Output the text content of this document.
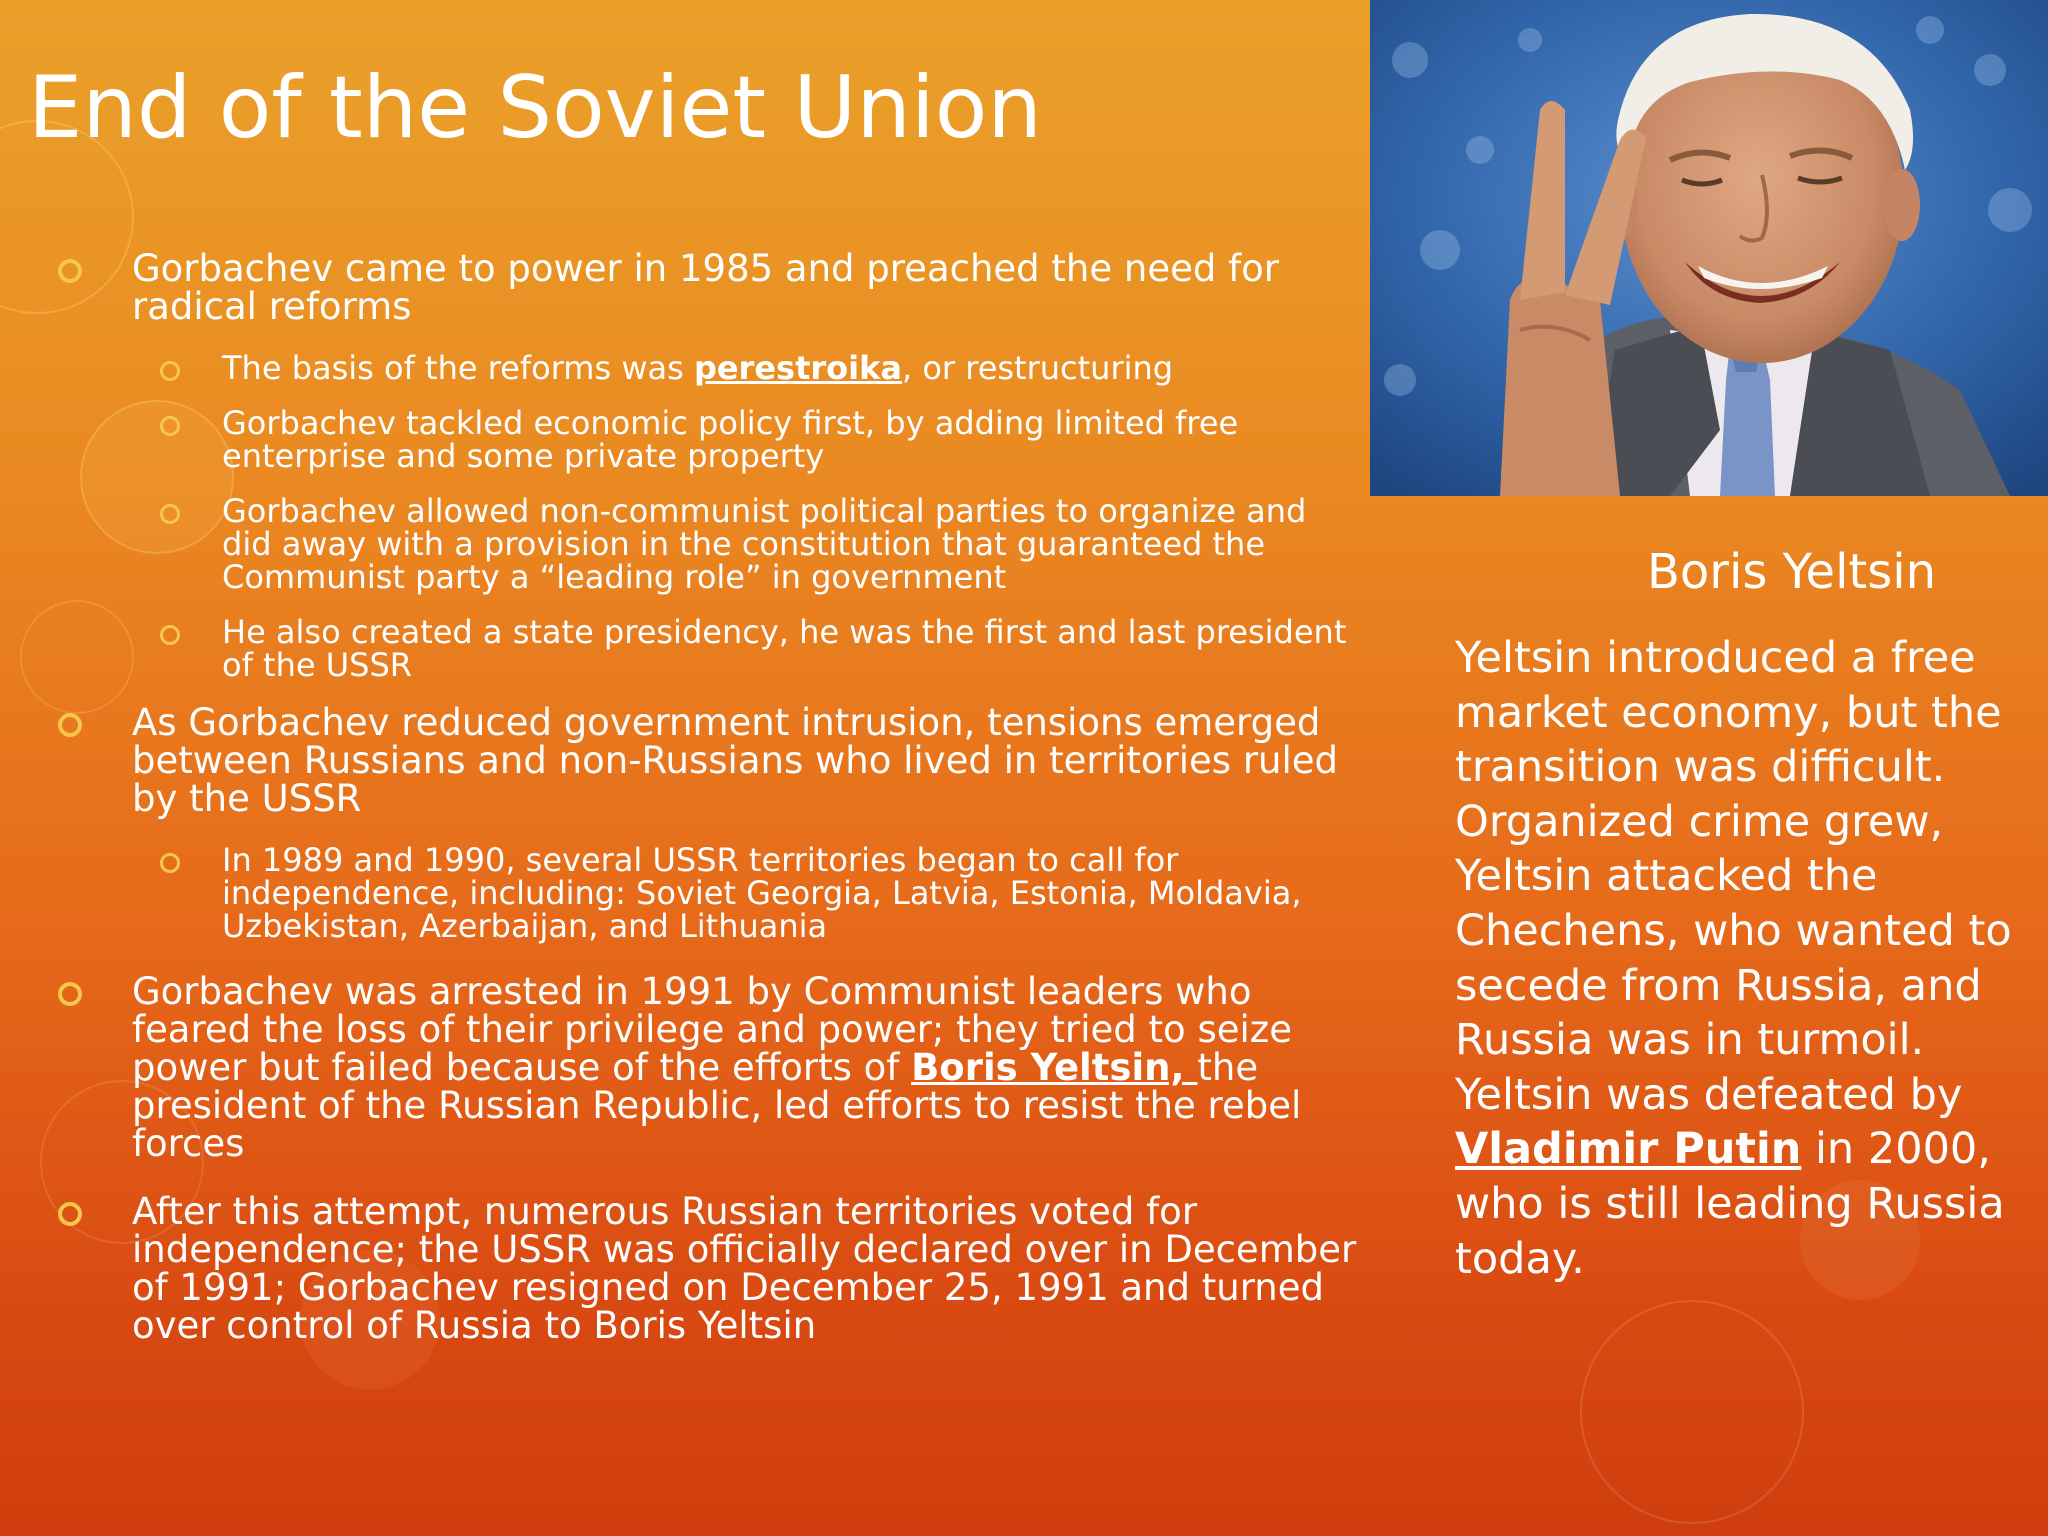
End of the Soviet Union
Gorbachev came to power in 1985 and preached the need for radical reforms
The basis of the reforms was perestroika, or restructuring
Gorbachev tackled economic policy first, by adding limited free enterprise and some private property
Gorbachev allowed non-communist political parties to organize and did away with a provision in the constitution that guaranteed the Communist party a “leading role” in government
He also created a state presidency, he was the first and last president of the USSR
As Gorbachev reduced government intrusion, tensions emerged between Russians and non-Russians who lived in territories ruled by the USSR
In 1989 and 1990, several USSR territories began to call for independence, including: Soviet Georgia, Latvia, Estonia, Moldavia, Uzbekistan, Azerbaijan, and Lithuania
Gorbachev was arrested in 1991 by Communist leaders who feared the loss of their privilege and power; they tried to seize power but failed because of the efforts of Boris Yeltsin, the president of the Russian Republic, led efforts to resist the rebel forces
After this attempt, numerous Russian territories voted for independence; the USSR was officially declared over in December of 1991; Gorbachev resigned on December 25, 1991 and turned over control of Russia to Boris Yeltsin
Boris Yeltsin

Yeltsin introduced a free market economy, but the transition was difficult. Organized crime grew, Yeltsin attacked the Chechens, who wanted to secede from Russia, and Russia was in turmoil. Yeltsin was defeated by Vladimir Putin in 2000, who is still leading Russia today.
